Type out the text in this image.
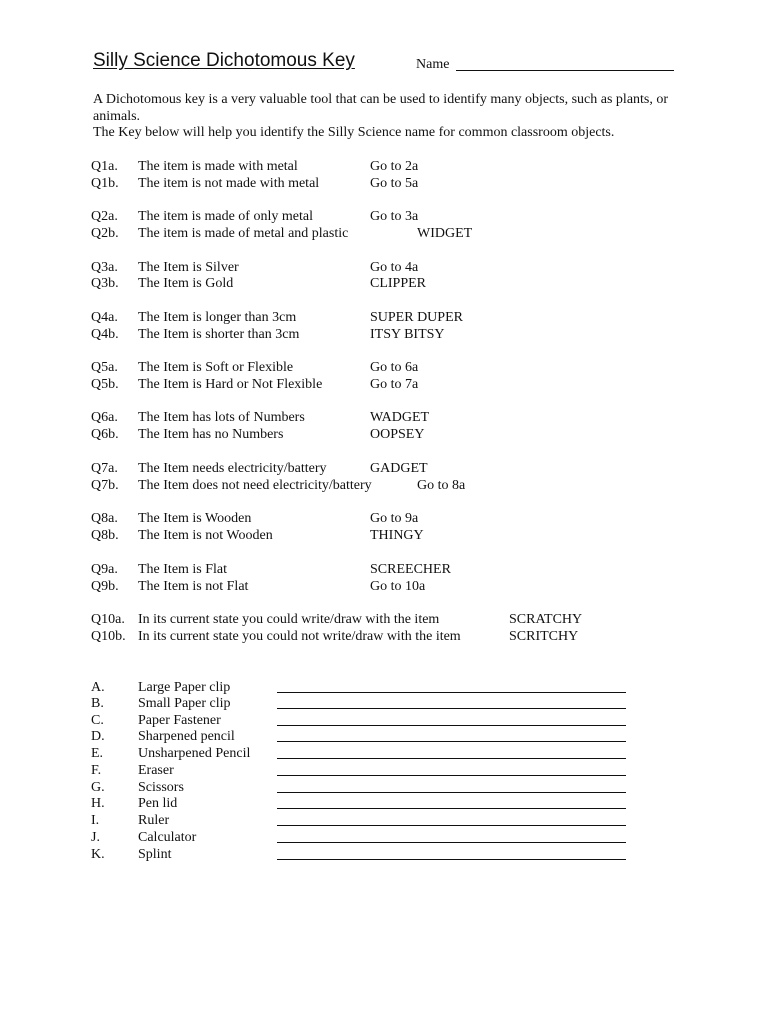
Silly Science Dichotomous Key	Name

A Dichotomous key is a very valuable tool that can be used to identify many objects, such as plants, or animals.

The Key below will help you identify the Silly Science name for common classroom objects.

Q1a. The item is made with metal	Go to 2a
Q1b. The item is not made with metal	Go to 5a
Q2a. The item is made of only metal	Go to 3a
Q2b. The item is made of metal and plastic	WIDGET
Q3a. The Item is Silver	Go to 4a
Q3b. The Item is Gold	CLIPPER
Q4a. The Item is longer than 3cm	SUPER DUPER
Q4b. The Item is shorter than 3cm	ITSY BITSY
Q5a. The Item is Soft or Flexible	Go to 6a
Q5b. The Item is Hard or Not Flexible	Go to 7a
Q6a. The Item has lots of Numbers	WADGET
Q6b. The Item has no Numbers	OOPSEY
Q7a. The Item needs electricity/battery	GADGET
Q7b. The Item does not need electricity/battery	Go to 8a
Q8a. The Item is Wooden	Go to 9a
Q8b. The Item is not Wooden	THINGY
Q9a. The Item is Flat	SCREECHER
Q9b. The Item is not Flat	Go to 10a
Q10a. In its current state you could write/draw with the item	SCRATCHY
Q10b. In its current state you could not write/draw with the item	SCRITCHY
A. Large Paper clip
B. Small Paper clip
C. Paper Fastener
D. Sharpened pencil
E. Unsharpened Pencil
F.	Eraser
G. Scissors
H. Pen lid
I.	Ruler
J.	Calculator
K. Splint
